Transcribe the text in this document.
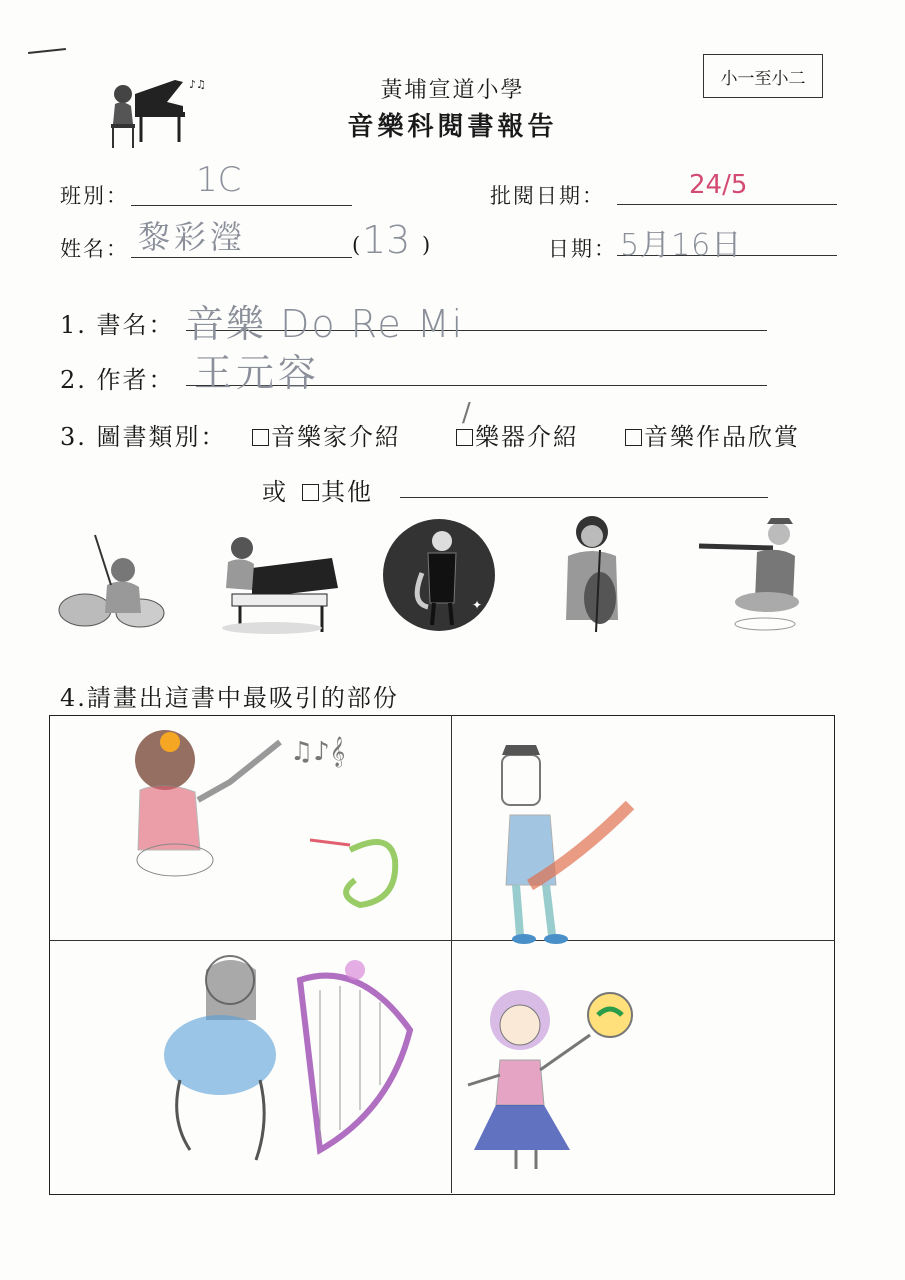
小一至小二
♪♫	黃埔宣道小學
音樂科閱書報告
班別： 1C	批閱日期：	24/5
姓名： 黎彩瀅	( 13 )	日期： 5月16日
1. 書名： 音樂 Do Re Mi
2. 作者： 王元容
3. 圖書類別：	音樂家介紹	樂器介紹
/
音樂作品欣賞
或	其他
✦
✦
4.請畫出這書中最吸引的部份
♫♪𝄞
